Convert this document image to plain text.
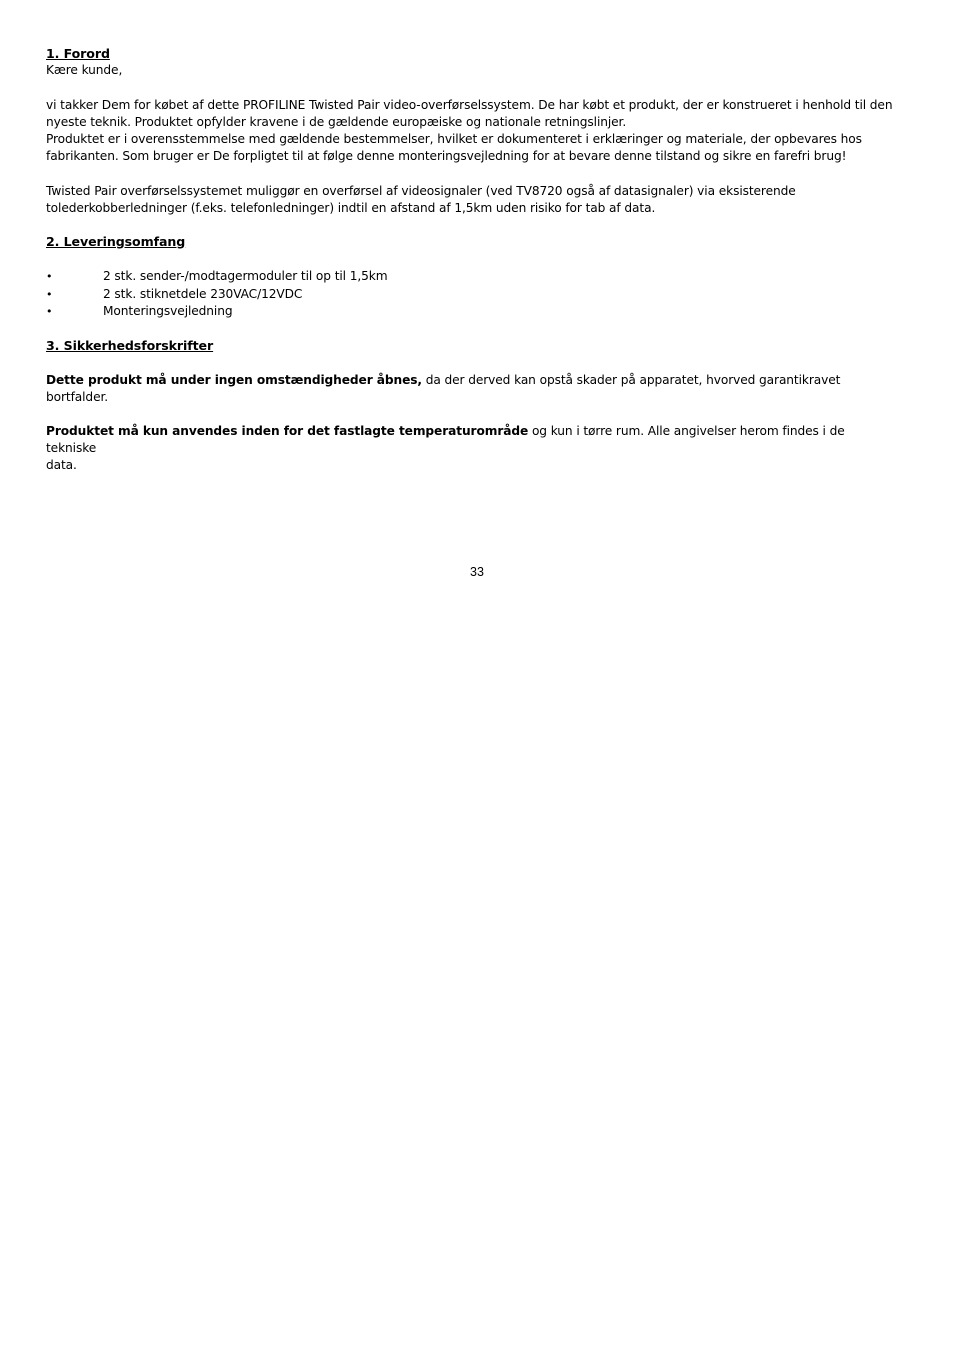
1. Forord

Kære kunde,

vi takker Dem for købet af dette PROFILINE Twisted Pair video-overførselssystem. De har købt et produkt, der er konstrueret i henhold til den

nyeste teknik. Produktet opfylder kravene i de gældende europæiske og nationale retningslinjer.

Produktet er i overensstemmelse med gældende bestemmelser, hvilket er dokumenteret i erklæringer og materiale, der opbevares hos

fabrikanten. Som bruger er De forpligtet til at følge denne monteringsvejledning for at bevare denne tilstand og sikre en farefri brug!

Twisted Pair overførselssystemet muliggør en overførsel af videosignaler (ved TV8720 også af datasignaler) via eksisterende

tolederkobberledninger (f.eks. telefonledninger) indtil en afstand af 1,5km uden risiko for tab af data.

2. Leveringsomfang

•	2 stk. sender-/modtagermoduler til op til 1,5km
•	2 stk. stiknetdele 230VAC/12VDC
•	Monteringsvejledning

3. Sikkerhedsforskrifter

Dette produkt må under ingen omstændigheder åbnes, da der derved kan opstå skader på apparatet, hvorved garantikravet

bortfalder.

Produktet må kun anvendes inden for det fastlagte temperaturområde og kun i tørre rum. Alle angivelser herom findes i de tekniske

data.

33
